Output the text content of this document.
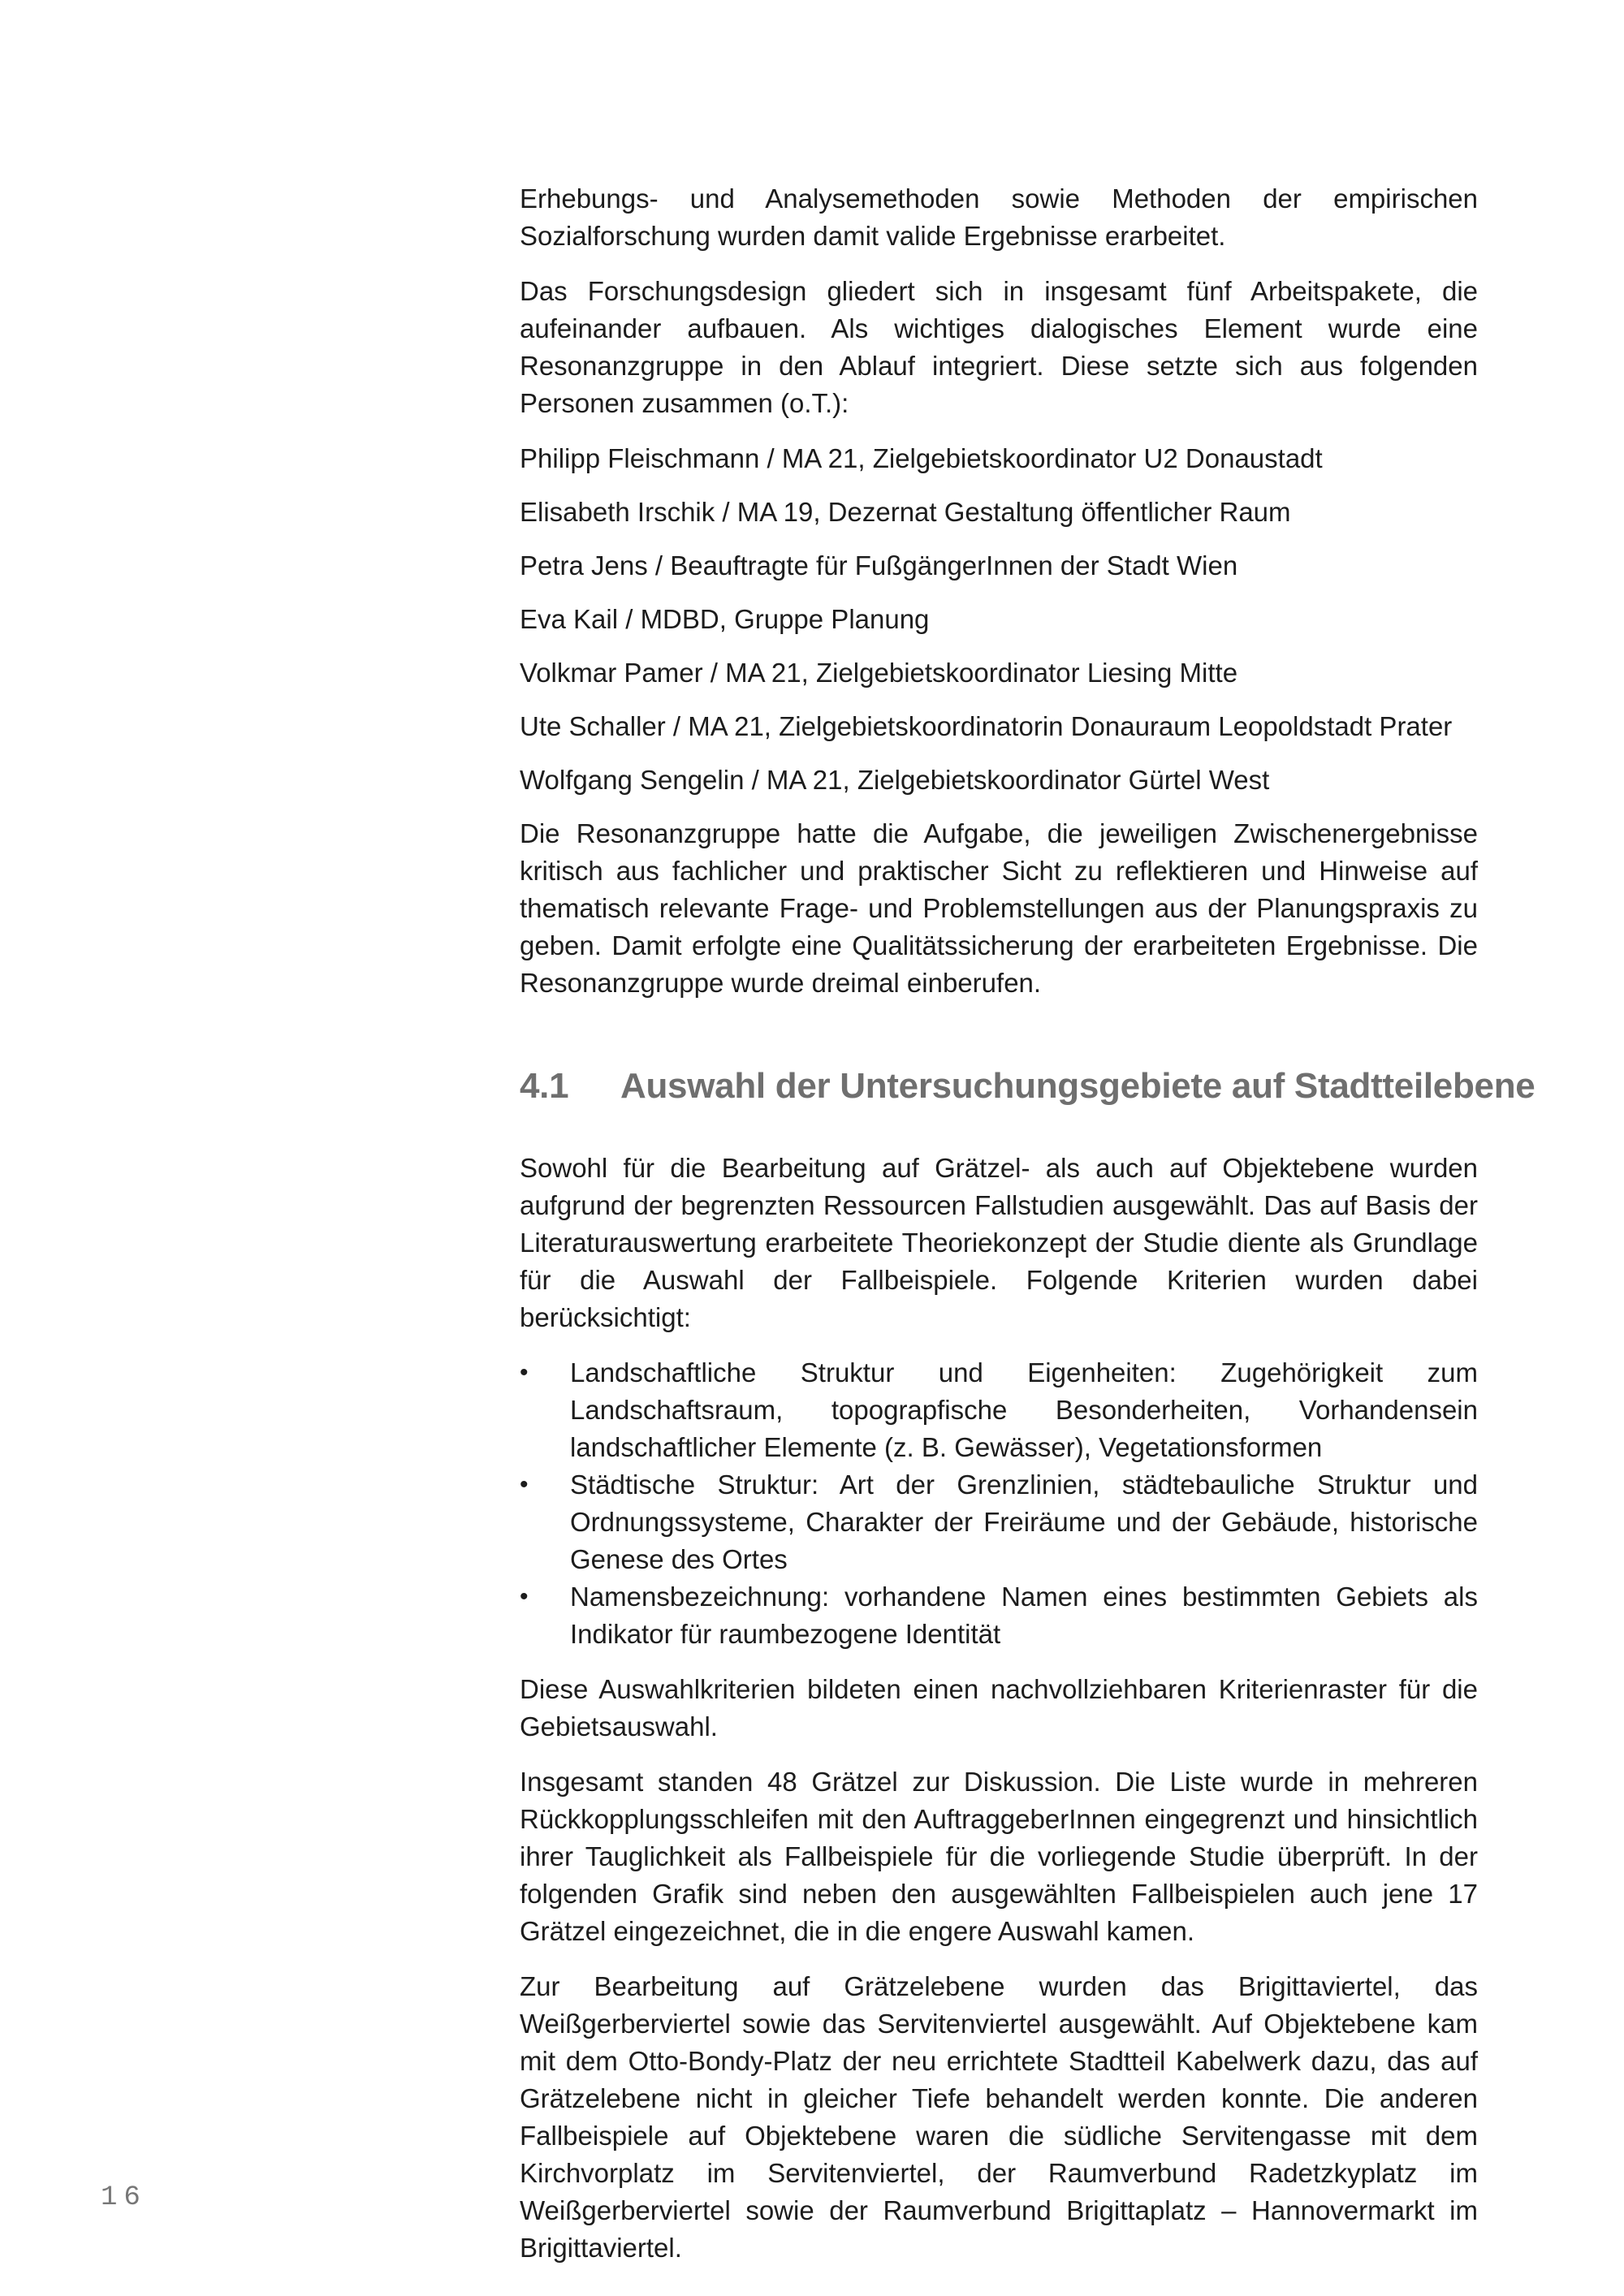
Erhebungs- und Analysemethoden sowie Methoden der empirischen Sozialforschung wurden damit valide Ergebnisse erarbeitet.

Das Forschungsdesign gliedert sich in insgesamt fünf Arbeitspakete, die aufeinander aufbauen. Als wichtiges dialogisches Element wurde eine Resonanzgruppe in den Ablauf integriert. Diese setzte sich aus folgenden Personen zusammen (o.T.):

Philipp Fleischmann / MA 21, Zielgebietskoordinator U2 Donaustadt
Elisabeth Irschik / MA 19, Dezernat Gestaltung öffentlicher Raum
Petra Jens / Beauftragte für FußgängerInnen der Stadt Wien
Eva Kail / MDBD, Gruppe Planung
Volkmar Pamer / MA 21, Zielgebietskoordinator Liesing Mitte
Ute Schaller / MA 21, Zielgebietskoordinatorin Donauraum Leopoldstadt Prater
Wolfgang Sengelin / MA 21, Zielgebietskoordinator Gürtel West

Die Resonanzgruppe hatte die Aufgabe, die jeweiligen Zwischenergebnisse kritisch aus fachlicher und praktischer Sicht zu reflektieren und Hinweise auf thematisch relevante Frage- und Problemstellungen aus der Planungspraxis zu geben. Damit erfolgte eine Qualitätssicherung der erarbeiteten Ergebnisse. Die Resonanzgruppe wurde dreimal einberufen.

4.1	Auswahl der Untersuchungsgebiete auf Stadtteilebene

Sowohl für die Bearbeitung auf Grätzel- als auch auf Objektebene wurden aufgrund der begrenzten Ressourcen Fallstudien ausgewählt. Das auf Basis der Literaturauswertung erarbeitete Theoriekonzept der Studie diente als Grundlage für die Auswahl der Fallbeispiele. Folgende Kriterien wurden dabei berücksichtigt:

• Landschaftliche Struktur und Eigenheiten: Zugehörigkeit zum Landschaftsraum, topograpfische Besonderheiten, Vorhandensein landschaftlicher Elemente (z. B. Gewässer), Vegetationsformen
• Städtische Struktur: Art der Grenzlinien, städtebauliche Struktur und Ordnungssysteme, Charakter der Freiräume und der Gebäude, historische Genese des Ortes
• Namensbezeichnung: vorhandene Namen eines bestimmten Gebiets als Indikator für raumbezogene Identität

Diese Auswahlkriterien bildeten einen nachvollziehbaren Kriterienraster für die Gebietsauswahl.

Insgesamt standen 48 Grätzel zur Diskussion. Die Liste wurde in mehreren Rückkopplungsschleifen mit den AuftraggeberInnen eingegrenzt und hinsichtlich ihrer Tauglichkeit als Fallbeispiele für die vorliegende Studie überprüft. In der folgenden Grafik sind neben den ausgewählten Fallbeispielen auch jene 17 Grätzel eingezeichnet, die in die engere Auswahl kamen.

Zur Bearbeitung auf Grätzelebene wurden das Brigittaviertel, das Weißgerberviertel sowie das Servitenviertel ausgewählt. Auf Objektebene kam mit dem Otto-Bondy-Platz der neu errichtete Stadtteil Kabelwerk dazu, das auf Grätzelebene nicht in gleicher Tiefe behandelt werden konnte. Die anderen Fallbeispiele auf Objektebene waren die südliche Servitengasse mit dem Kirchvorplatz im Servitenviertel, der Raumverbund Radetzkyplatz im Weißgerberviertel sowie der Raumverbund Brigittaplatz – Hannovermarkt im Brigittaviertel.

16
